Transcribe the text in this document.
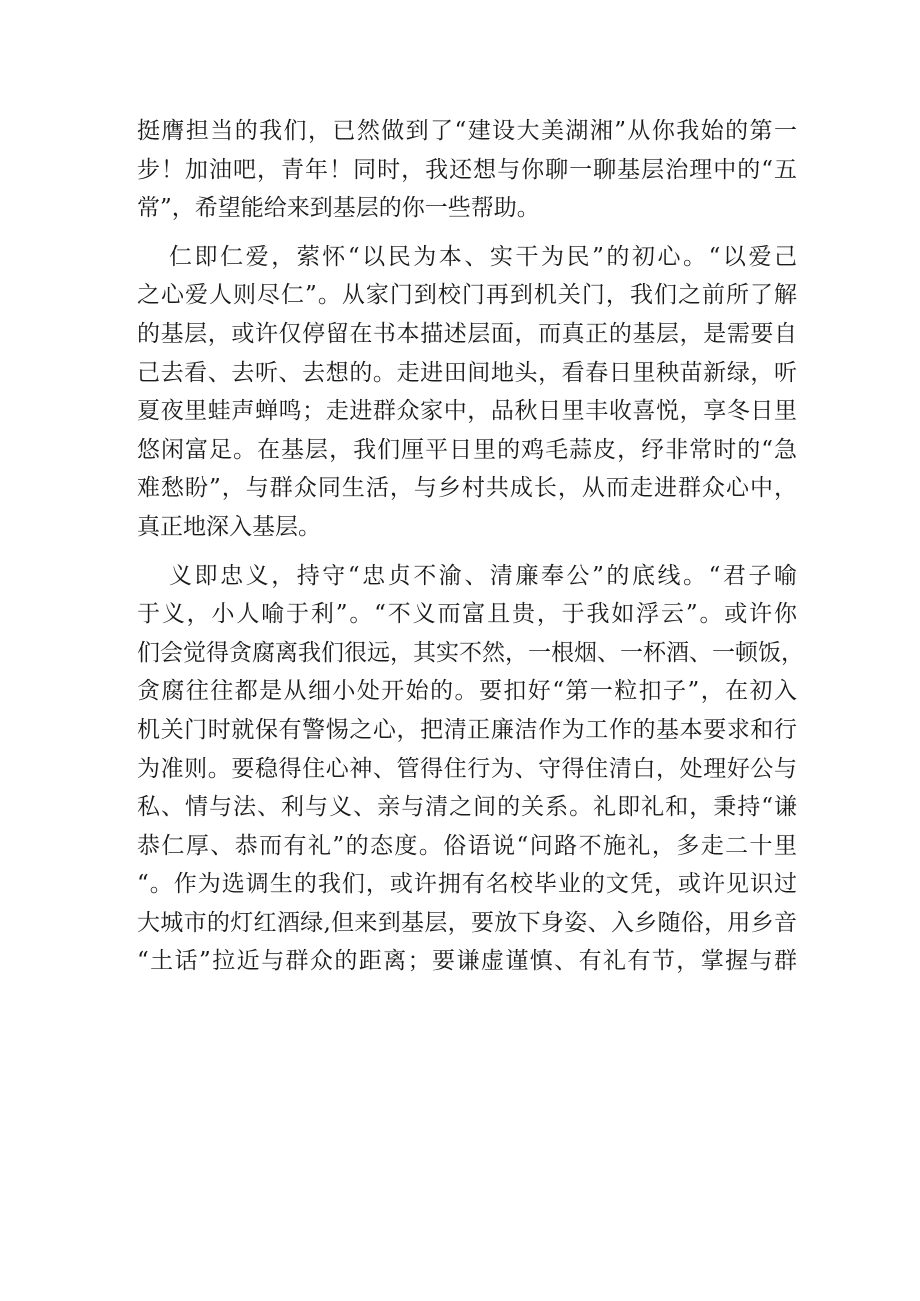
挺膺担当的我们，已然做到了“建设大美湖湘”从你我始的第一
步！加油吧，青年！同时，我还想与你聊一聊基层治理中的“五
常”，希望能给来到基层的你一些帮助。
仁即仁爱，萦怀“以民为本、实干为民”的初心。“以爱己
之心爱人则尽仁”。从家门到校门再到机关门，我们之前所了解
的基层，或许仅停留在书本描述层面，而真正的基层，是需要自
己去看、去听、去想的。走进田间地头，看春日里秧苗新绿，听
夏夜里蛙声蝉鸣；走进群众家中，品秋日里丰收喜悦，享冬日里
悠闲富足。在基层，我们厘平日里的鸡毛蒜皮，纾非常时的“急
难愁盼”，与群众同生活，与乡村共成长，从而走进群众心中，
真正地深入基层。
义即忠义，持守“忠贞不渝、清廉奉公”的底线。“君子喻
于义，小人喻于利”。“不义而富且贵，于我如浮云”。或许你
们会觉得贪腐离我们很远，其实不然，一根烟、一杯酒、一顿饭，
贪腐往往都是从细小处开始的。要扣好“第一粒扣子”，在初入
机关门时就保有警惕之心，把清正廉洁作为工作的基本要求和行
为准则。要稳得住心神、管得住行为、守得住清白，处理好公与
私、情与法、利与义、亲与清之间的关系。礼即礼和，秉持“谦
恭仁厚、恭而有礼”的态度。俗语说“问路不施礼，多走二十里
“。作为选调生的我们，或许拥有名校毕业的文凭，或许见识过
大城市的灯红酒绿,但来到基层，要放下身姿、入乡随俗，用乡音
“土话”拉近与群众的距离；要谦虚谨慎、有礼有节，掌握与群
